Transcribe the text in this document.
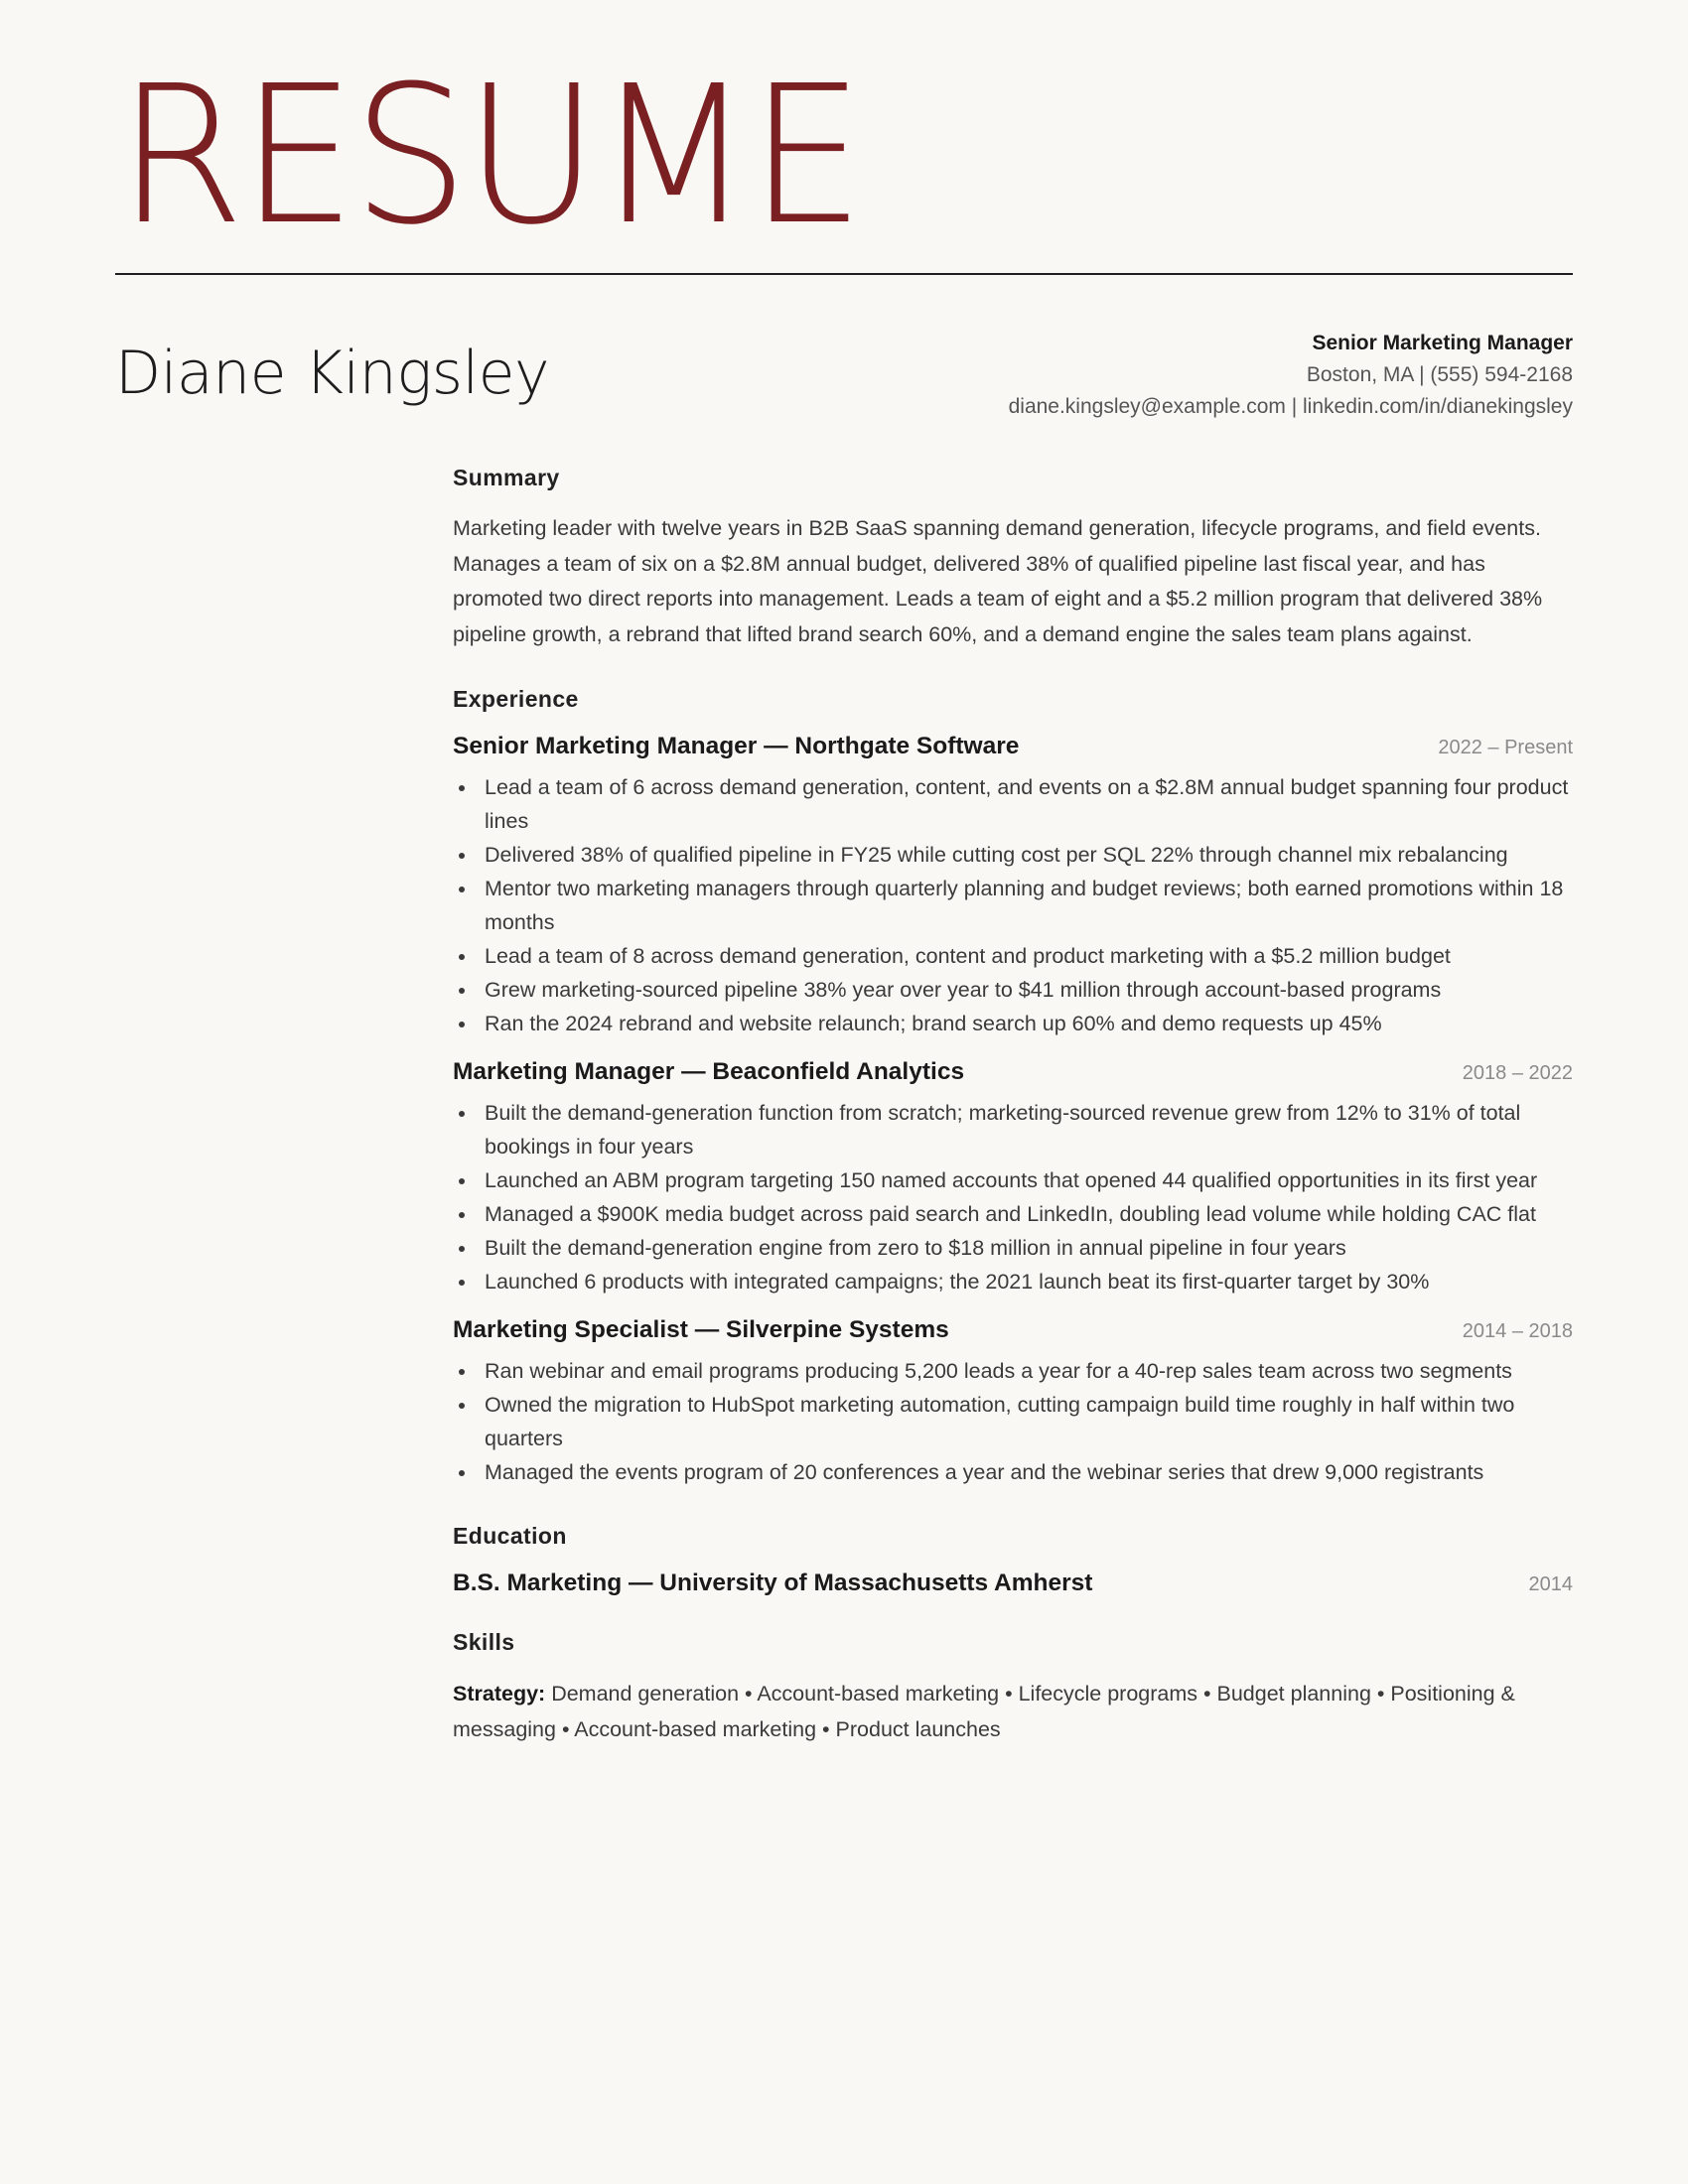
RESUME
Diane Kingsley	Senior Marketing Manager
Boston, MA | (555) 594-2168
diane.kingsley@example.com | linkedin.com/in/dianekingsley
Summary

Marketing leader with twelve years in B2B SaaS spanning demand generation, lifecycle programs, and field events. Manages a team of six on a $2.8M annual budget, delivered 38% of qualified pipeline last fiscal year, and has promoted two direct reports into management. Leads a team of eight and a $5.2 million program that delivered 38% pipeline growth, a rebrand that lifted brand search 60%, and a demand engine the sales team plans against.

Experience
Senior Marketing Manager — Northgate Software	2022 – Present
Lead a team of 6 across demand generation, content, and events on a $2.8M annual budget spanning four product lines
Delivered 38% of qualified pipeline in FY25 while cutting cost per SQL 22% through channel mix rebalancing
Mentor two marketing managers through quarterly planning and budget reviews; both earned promotions within 18 months
Lead a team of 8 across demand generation, content and product marketing with a $5.2 million budget
Grew marketing-sourced pipeline 38% year over year to $41 million through account-based programs
Ran the 2024 rebrand and website relaunch; brand search up 60% and demo requests up 45%
Marketing Manager — Beaconfield Analytics	2018 – 2022
Built the demand-generation function from scratch; marketing-sourced revenue grew from 12% to 31% of total bookings in four years
Launched an ABM program targeting 150 named accounts that opened 44 qualified opportunities in its first year
Managed a $900K media budget across paid search and LinkedIn, doubling lead volume while holding CAC flat
Built the demand-generation engine from zero to $18 million in annual pipeline in four years
Launched 6 products with integrated campaigns; the 2021 launch beat its first-quarter target by 30%
Marketing Specialist — Silverpine Systems	2014 – 2018
Ran webinar and email programs producing 5,200 leads a year for a 40-rep sales team across two segments
Owned the migration to HubSpot marketing automation, cutting campaign build time roughly in half within two quarters
Managed the events program of 20 conferences a year and the webinar series that drew 9,000 registrants
Education
B.S. Marketing — University of Massachusetts Amherst	2014
Skills

Strategy: Demand generation • Account-based marketing • Lifecycle programs • Budget planning • Positioning & messaging • Account-based marketing • Product launches
